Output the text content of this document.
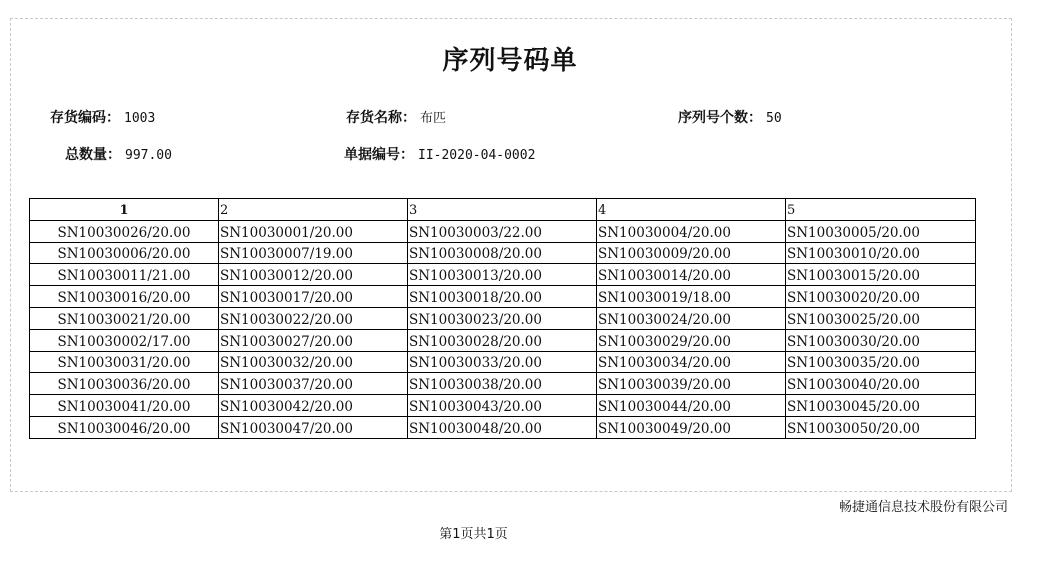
序列号码单
存货编码： 1003	存货名称： 布匹	序列号个数： 50
总数量： 997.00	单据编号： II-2020-04-0002
1	2	3	4	5
SN10030026/20.00	SN10030001/20.00	SN10030003/22.00	SN10030004/20.00	SN10030005/20.00
SN10030006/20.00	SN10030007/19.00	SN10030008/20.00	SN10030009/20.00	SN10030010/20.00
SN10030011/21.00	SN10030012/20.00	SN10030013/20.00	SN10030014/20.00	SN10030015/20.00
SN10030016/20.00	SN10030017/20.00	SN10030018/20.00	SN10030019/18.00	SN10030020/20.00
SN10030021/20.00	SN10030022/20.00	SN10030023/20.00	SN10030024/20.00	SN10030025/20.00
SN10030002/17.00	SN10030027/20.00	SN10030028/20.00	SN10030029/20.00	SN10030030/20.00
SN10030031/20.00	SN10030032/20.00	SN10030033/20.00	SN10030034/20.00	SN10030035/20.00
SN10030036/20.00	SN10030037/20.00	SN10030038/20.00	SN10030039/20.00	SN10030040/20.00
SN10030041/20.00	SN10030042/20.00	SN10030043/20.00	SN10030044/20.00	SN10030045/20.00
SN10030046/20.00	SN10030047/20.00	SN10030048/20.00	SN10030049/20.00	SN10030050/20.00
畅捷通信息技术股份有限公司
第1页共1页
